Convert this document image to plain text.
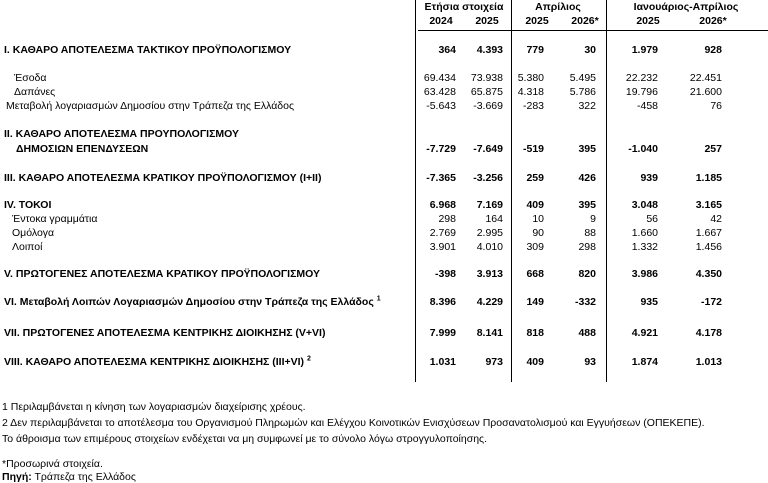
Ετήσια στοιχεία	Απρίλιος	Ιανουάριος-Απρίλιος
2024	2025	2025	2026*	2025	2026*
I. ΚΑΘΑΡΟ ΑΠΟΤΕΛΕΣΜΑ ΤΑΚΤΙΚΟΥ ΠΡΟΫΠΟΛΟΓΙΣΜΟΥ	364	4.393	779	30	1.979	928
Έσοδα	69.434	73.938	5.380	5.495	22.232	22.451
Δαπάνες	63.428	65.875	4.318	5.786	19.796	21.600
Μεταβολή λογαριασμών Δημοσίου στην Τράπεζα της Ελλάδος	-5.643	-3.669	-283	322	-458	76
II. ΚΑΘΑΡΟ ΑΠΟΤΕΛΕΣΜΑ ΠΡΟΥΠΟΛΟΓΙΣΜΟΥ
ΔΗΜΟΣΙΩΝ ΕΠΕΝΔΥΣΕΩΝ	-7.729	-7.649	-519	395	-1.040	257
III. ΚΑΘΑΡΟ ΑΠΟΤΕΛΕΣΜΑ ΚΡΑΤΙΚΟΥ ΠΡΟΫΠΟΛΟΓΙΣΜΟΥ (I+II)	-7.365	-3.256	259	426	939	1.185
IV. ΤΟΚΟΙ	6.968	7.169	409	395	3.048	3.165
Έντοκα γραμμάτια	298	164	10	9	56	42
Ομόλογα	2.769	2.995	90	88	1.660	1.667
Λοιποί	3.901	4.010	309	298	1.332	1.456
V. ΠΡΩΤΟΓΕΝΕΣ ΑΠΟΤΕΛΕΣΜΑ ΚΡΑΤΙΚΟΥ ΠΡΟΫΠΟΛΟΓΙΣΜΟΥ	-398	3.913	668	820	3.986	4.350
VI. Μεταβολή Λοιπών Λογαριασμών Δημοσίου στην Τράπεζα της Ελλάδος $^1$	8.396	4.229	149	-332	935	-172
VII. ΠΡΩΤΟΓΕΝΕΣ ΑΠΟΤΕΛΕΣΜΑ ΚΕΝΤΡΙΚΗΣ ΔΙΟΙΚΗΣΗΣ (V+VI)	7.999	8.141	818	488	4.921	4.178
VIII. ΚΑΘΑΡΟ ΑΠΟΤΕΛΕΣΜΑ ΚΕΝΤΡΙΚΗΣ ΔΙΟΙΚΗΣΗΣ (III+VI) $^2$	1.031	973	409	93	1.874	1.013
1 Περιλαμβάνεται η κίνηση των λογαριασμών διαχείρισης χρέους.
2 Δεν περιλαμβάνεται το αποτέλεσμα του Οργανισμού Πληρωμών και Ελέγχου Κοινοτικών Ενισχύσεων Προσανατολισμού και Εγγυήσεων (ΟΠΕΚΕΠΕ).
Το άθροισμα των επιμέρους στοιχείων ενδέχεται να μη συμφωνεί με το σύνολο λόγω στρογγυλοποίησης.
*Προσωρινά στοιχεία.
Πηγή: Τράπεζα της Ελλάδος
